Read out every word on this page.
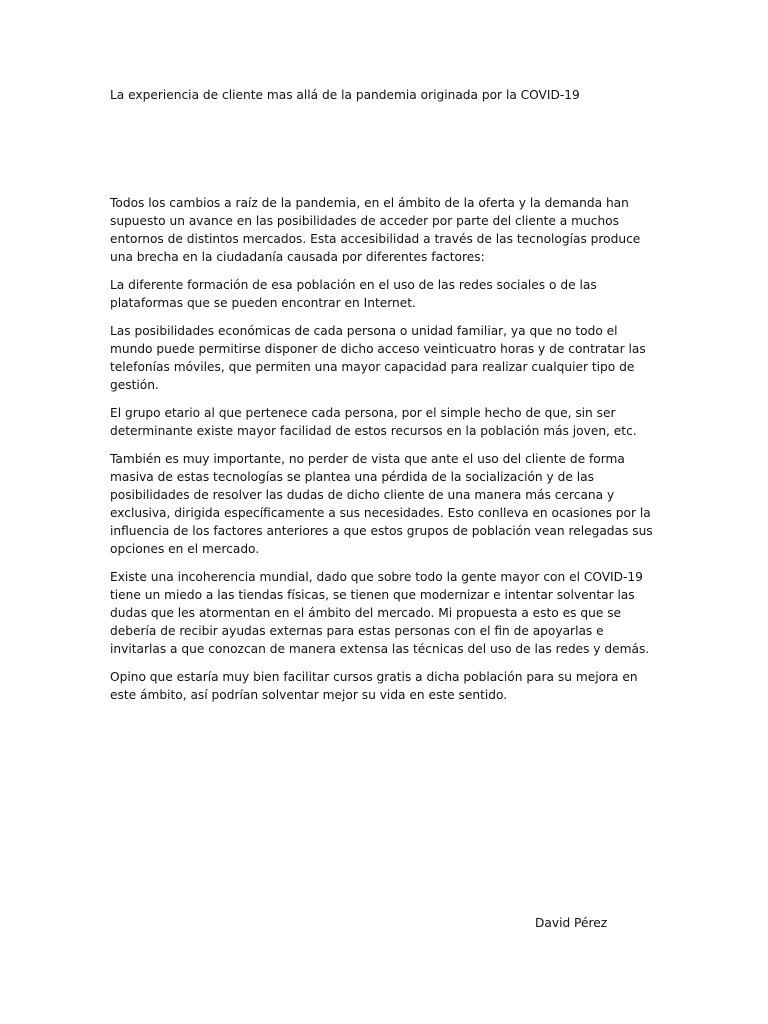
La experiencia de cliente mas allá de la pandemia originada por la COVID-19

Todos los cambios a raíz de la pandemia, en el ámbito de la oferta y la demanda han supuesto un avance en las posibilidades de acceder por parte del cliente a muchos entornos de distintos mercados. Esta accesibilidad a través de las tecnologías produce una brecha en la ciudadanía causada por diferentes factores:

La diferente formación de esa población en el uso de las redes sociales o de las plataformas que se pueden encontrar en Internet.

Las posibilidades económicas de cada persona o unidad familiar, ya que no todo el mundo puede permitirse disponer de dicho acceso veinticuatro horas y de contratar las telefonías móviles, que permiten una mayor capacidad para realizar cualquier tipo de gestión.

El grupo etario al que pertenece cada persona, por el simple hecho de que, sin ser determinante existe mayor facilidad de estos recursos en la población más joven, etc.

También es muy importante, no perder de vista que ante el uso del cliente de forma masiva de estas tecnologías se plantea una pérdida de la socialización y de las posibilidades de resolver las dudas de dicho cliente de una manera más cercana y exclusiva, dirigida específicamente a sus necesidades. Esto conlleva en ocasiones por la influencia de los factores anteriores a que estos grupos de población vean relegadas sus opciones en el mercado.

Existe una incoherencia mundial, dado que sobre todo la gente mayor con el COVID-19 tiene un miedo a las tiendas físicas, se tienen que modernizar e intentar solventar las dudas que les atormentan en el ámbito del mercado. Mi propuesta a esto es que se debería de recibir ayudas externas para estas personas con el fin de apoyarlas e invitarlas a que conozcan de manera extensa las técnicas del uso de las redes y demás.

Opino que estaría muy bien facilitar cursos gratis a dicha población para su mejora en este ámbito, así podrían solventar mejor su vida en este sentido.

David Pérez
